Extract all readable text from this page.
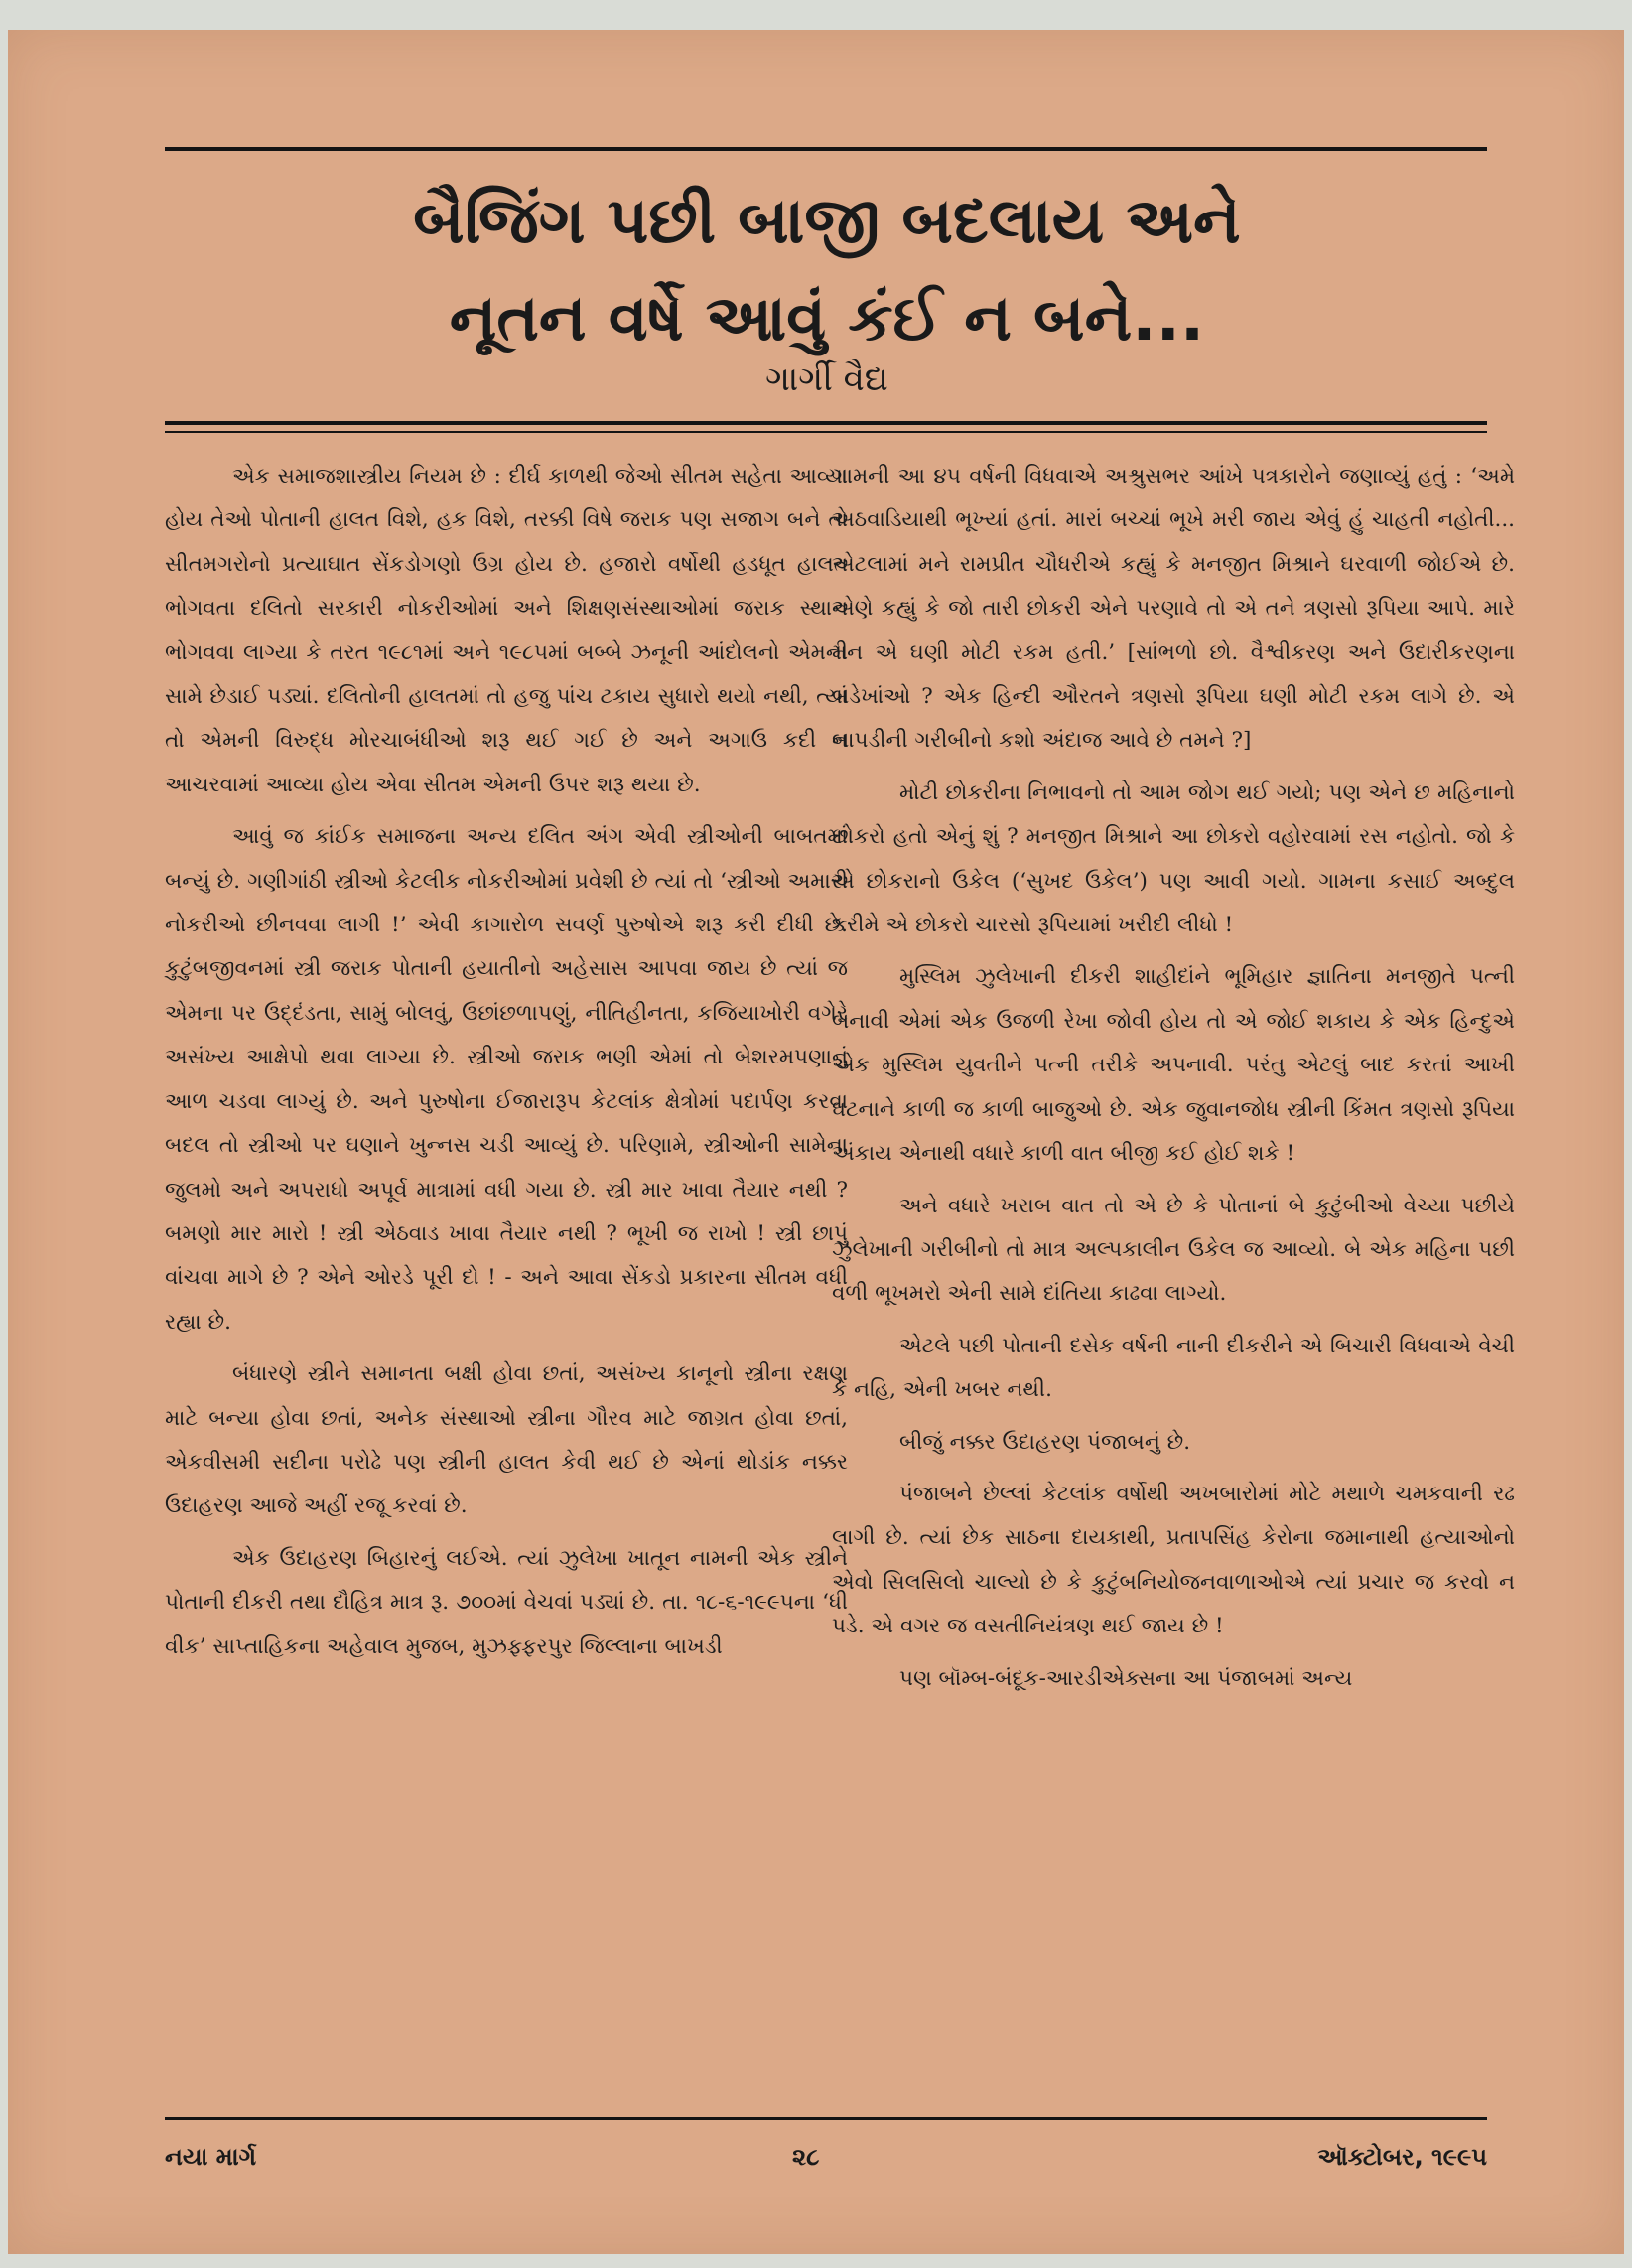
બૈજિંગ પછી બાજી બદલાય અને
નૂતન વર્ષે આવું કંઈ ન બને...
ગાર્ગી વૈદ્ય

એક સમાજશાસ્ત્રીય નિયમ છે : દીર્ઘ કાળથી જેઓ સીતમ સહેતા આવ્યા હોય તેઓ પોતાની હાલત વિશે, હક વિશે, તરક્કી વિષે જરાક પણ સજાગ બને તો સીતમગરોનો પ્રત્યાઘાત સેંકડોગણો ઉગ્ર હોય છે. હજારો વર્ષોથી હડધૂત હાલત ભોગવતા દલિતો સરકારી નોકરીઓમાં અને શિક્ષણસંસ્થાઓમાં જરાક સ્થાન ભોગવવા લાગ્યા કે તરત ૧૯૮૧માં અને ૧૯૮૫માં બબ્બે ઝનૂની આંદોલનો એમની સામે છેડાઈ પડ્યાં. દલિતોની હાલતમાં તો હજુ પાંચ ટકાય સુધારો થયો નથી, ત્યાં તો એમની વિરુદ્ધ મોરચાબંધીઓ શરૂ થઈ ગઈ છે અને અગાઉ કદી ન આચરવામાં આવ્યા હોય એવા સીતમ એમની ઉપર શરૂ થયા છે.

આવું જ કાંઈક સમાજના અન્ય દલિત અંગ એવી સ્ત્રીઓની બાબતમાં બન્યું છે. ગણીગાંઠી સ્ત્રીઓ કેટલીક નોકરીઓમાં પ્રવેશી છે ત્યાં તો ‘સ્ત્રીઓ અમારી નોકરીઓ છીનવવા લાગી !’ એવી કાગારોળ સવર્ણ પુરુષોએ શરૂ કરી દીધી છે. કુટુંબજીવનમાં સ્ત્રી જરાક પોતાની હયાતીનો અહેસાસ આપવા જાય છે ત્યાં જ એમના પર ઉદ્દંડતા, સામું બોલવું, ઉછાંછળાપણું, નીતિહીનતા, કજિયાખોરી વગેરે અસંખ્ય આક્ષેપો થવા લાગ્યા છે. સ્ત્રીઓ જરાક ભણી એમાં તો બેશરમપણાનું આળ ચડવા લાગ્યું છે. અને પુરુષોના ઈજારારૂપ કેટલાંક ક્ષેત્રોમાં પદાર્પણ કરવા બદલ તો સ્ત્રીઓ પર ઘણાને ખુન્નસ ચડી આવ્યું છે. પરિણામે, સ્ત્રીઓની સામેના જુલમો અને અપરાધો અપૂર્વ માત્રામાં વધી ગયા છે. સ્ત્રી માર ખાવા તૈયાર નથી ? બમણો માર મારો ! સ્ત્રી એઠવાડ ખાવા તૈયાર નથી ? ભૂખી જ રાખો ! સ્ત્રી છાપું વાંચવા માગે છે ? એને ઓરડે પૂરી દો ! - અને આવા સેંકડો પ્રકારના સીતમ વધી રહ્યા છે.

બંધારણે સ્ત્રીને સમાનતા બક્ષી હોવા છતાં, અસંખ્ય કાનૂનો સ્ત્રીના રક્ષણ માટે બન્યા હોવા છતાં, અનેક સંસ્થાઓ સ્ત્રીના ગૌરવ માટે જાગ્રત હોવા છતાં, એકવીસમી સદીના પરોઢે પણ સ્ત્રીની હાલત કેવી થઈ છે એનાં થોડાંક નક્કર ઉદાહરણ આજે અહીં રજૂ કરવાં છે.

એક ઉદાહરણ બિહારનું લઈએ. ત્યાં ઝુલેખા ખાતૂન નામની એક સ્ત્રીને પોતાની દીકરી તથા દૌહિત્ર માત્ર રૂ. ૭૦૦માં વેચવાં પડ્યાં છે. તા. ૧૮-૬-૧૯૯૫ના ‘ધી વીક’ સાપ્તાહિકના અહેવાલ મુજબ, મુઝફ્ફરપુર જિલ્લાના બાખડી

ગામની આ ૪૫ વર્ષની વિધવાએ અશ્રુસભર આંખે પત્રકારોને જણાવ્યું હતું : ‘અમે અઠવાડિયાથી ભૂખ્યાં હતાં. મારાં બચ્ચાં ભૂખે મરી જાય એવું હું ચાહતી નહોતી... એટલામાં મને રામપ્રીત ચૌધરીએ કહ્યું કે મનજીત મિશ્રાને ઘરવાળી જોઈએ છે. એણે કહ્યું કે જો તારી છોકરી એને પરણાવે તો એ તને ત્રણસો રૂપિયા આપે. મારે મન એ ઘણી મોટી રકમ હતી.’ [સાંભળો છો. વૈશ્વીકરણ અને ઉદારીકરણના બડેખાંઓ ? એક હિન્દી ઔરતને ત્રણસો રૂપિયા ઘણી મોટી રકમ લાગે છે. એ બાપડીની ગરીબીનો કશો અંદાજ આવે છે તમને ?]

મોટી છોકરીના નિભાવનો તો આમ જોગ થઈ ગયો; પણ એને છ મહિનાનો છોકરો હતો એનું શું ? મનજીત મિશ્રાને આ છોકરો વહોરવામાં રસ નહોતો. જો કે એ છોકરાનો ઉકેલ (‘સુખદ ઉકેલ’) પણ આવી ગયો. ગામના કસાઈ અબ્દુલ કરીમે એ છોકરો ચારસો રૂપિયામાં ખરીદી લીધો !

મુસ્લિમ ઝુલેખાની દીકરી શાહીદાંને ભૂમિહાર જ્ઞાતિના મનજીતે પત્ની બનાવી એમાં એક ઉજળી રેખા જોવી હોય તો એ જોઈ શકાય કે એક હિન્દુએ એક મુસ્લિમ યુવતીને પત્ની તરીકે અપનાવી. પરંતુ એટલું બાદ કરતાં આખી ઘટનાને કાળી જ કાળી બાજુઓ છે. એક જુવાનજોધ સ્ત્રીની કિંમત ત્રણસો રૂપિયા અંકાય એનાથી વધારે કાળી વાત બીજી કઈ હોઈ શકે !

અને વધારે ખરાબ વાત તો એ છે કે પોતાનાં બે કુટુંબીઓ વેચ્યા પછીયે ઝુલેખાની ગરીબીનો તો માત્ર અલ્પકાલીન ઉકેલ જ આવ્યો. બે એક મહિના પછી વળી ભૂખમરો એની સામે દાંતિયા કાઢવા લાગ્યો.

એટલે પછી પોતાની દસેક વર્ષની નાની દીકરીને એ બિચારી વિધવાએ વેચી કે નહિ, એની ખબર નથી.

બીજું નક્કર ઉદાહરણ પંજાબનું છે.

પંજાબને છેલ્લાં કેટલાંક વર્ષોથી અખબારોમાં મોટે મથાળે ચમકવાની રઢ લાગી છે. ત્યાં છેક સાઠના દાયકાથી, પ્રતાપસિંહ કેરોના જમાનાથી હત્યાઓનો એવો સિલસિલો ચાલ્યો છે કે કુટુંબનિયોજનવાળાઓએ ત્યાં પ્રચાર જ કરવો ન પડે. એ વગર જ વસતીનિયંત્રણ થઈ જાય છે !

પણ બૉમ્બ-બંદૂક-આરડીએક્સના આ પંજાબમાં અન્ય

નયા માર્ગ	૨૮	ઑક્ટોબર, ૧૯૯૫
